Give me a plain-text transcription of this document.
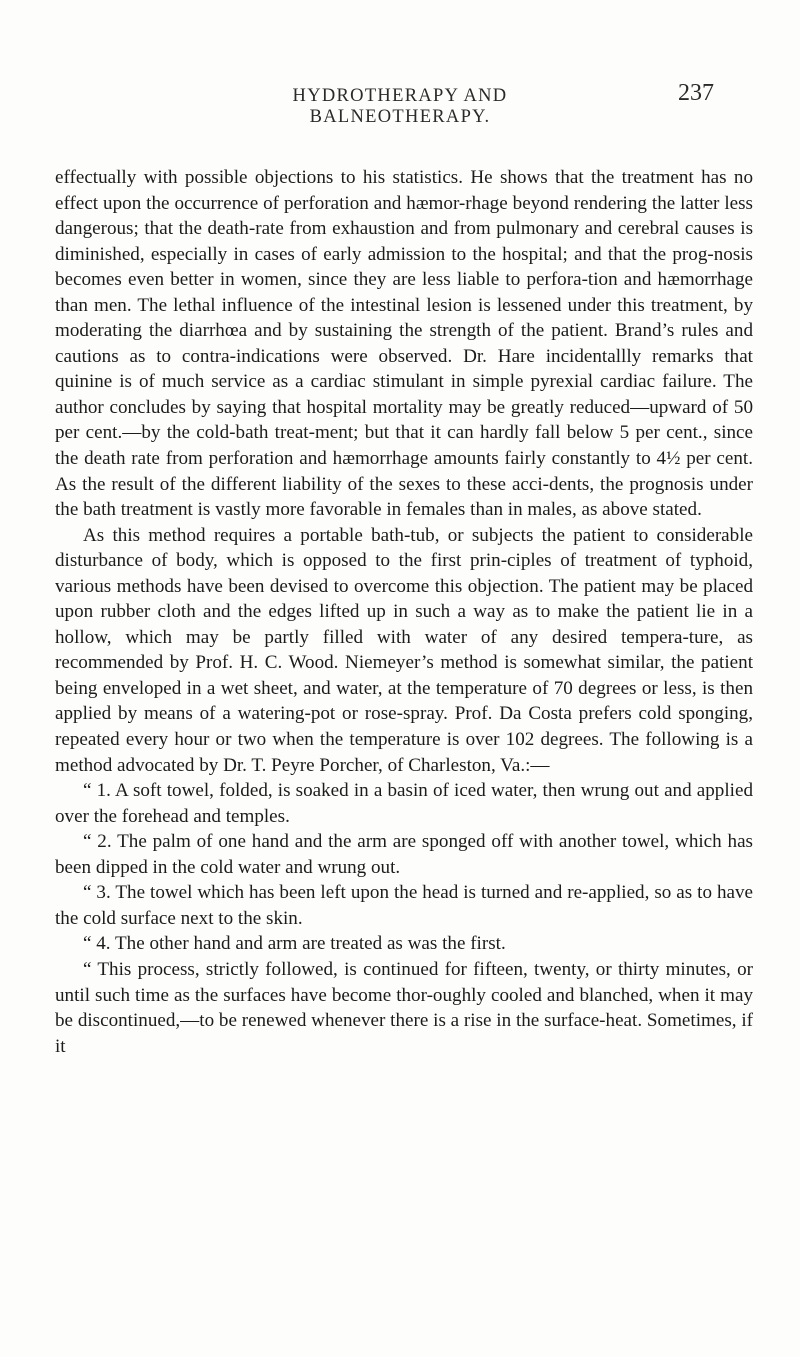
HYDROTHERAPY AND BALNEOTHERAPY.
237

effectually with possible objections to his statistics. He shows that the treatment has no effect upon the occurrence of perforation and hæmor-rhage beyond rendering the latter less dangerous; that the death-rate from exhaustion and from pulmonary and cerebral causes is diminished, especially in cases of early admission to the hospital; and that the prog-nosis becomes even better in women, since they are less liable to perfora-tion and hæmorrhage than men. The lethal influence of the intestinal lesion is lessened under this treatment, by moderating the diarrhœa and by sustaining the strength of the patient. Brand’s rules and cautions as to contra-indications were observed. Dr. Hare incidentallly remarks that quinine is of much service as a cardiac stimulant in simple pyrexial cardiac failure. The author concludes by saying that hospital mortality may be greatly reduced—upward of 50 per cent.—by the cold-bath treat-ment; but that it can hardly fall below 5 per cent., since the death rate from perforation and hæmorrhage amounts fairly constantly to 4½ per cent. As the result of the different liability of the sexes to these acci-dents, the prognosis under the bath treatment is vastly more favorable in females than in males, as above stated.

As this method requires a portable bath-tub, or subjects the patient to considerable disturbance of body, which is opposed to the first prin-ciples of treatment of typhoid, various methods have been devised to overcome this objection. The patient may be placed upon rubber cloth and the edges lifted up in such a way as to make the patient lie in a hollow, which may be partly filled with water of any desired tempera-ture, as recommended by Prof. H. C. Wood. Niemeyer’s method is somewhat similar, the patient being enveloped in a wet sheet, and water, at the temperature of 70 degrees or less, is then applied by means of a watering-pot or rose-spray. Prof. Da Costa prefers cold sponging, repeated every hour or two when the temperature is over 102 degrees. The following is a method advocated by Dr. T. Peyre Porcher, of Charleston, Va.:—

“ 1. A soft towel, folded, is soaked in a basin of iced water, then wrung out and applied over the forehead and temples.

“ 2. The palm of one hand and the arm are sponged off with another towel, which has been dipped in the cold water and wrung out.

“ 3. The towel which has been left upon the head is turned and re-applied, so as to have the cold surface next to the skin.

“ 4. The other hand and arm are treated as was the first.

“ This process, strictly followed, is continued for fifteen, twenty, or thirty minutes, or until such time as the surfaces have become thor-oughly cooled and blanched, when it may be discontinued,—to be renewed whenever there is a rise in the surface-heat. Sometimes, if it
